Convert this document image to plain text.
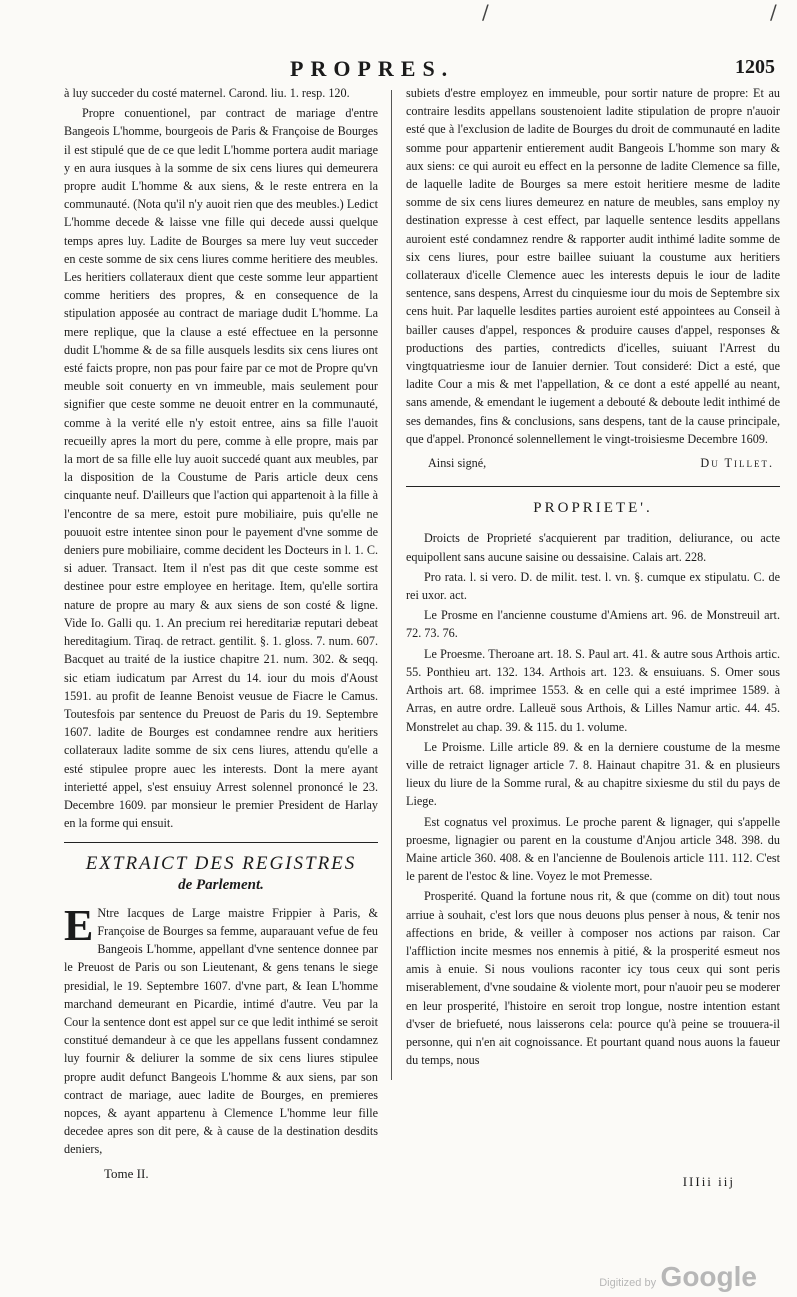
/	/
PROPRES.	1205

à luy succeder du costé maternel. Carond. liu. 1. resp. 120.

Propre conuentionel, par contract de mariage d'entre Bangeois L'homme, bourgeois de Paris & Françoise de Bourges il est stipulé que de ce que ledit L'homme portera audit mariage y en aura iusques à la somme de six cens liures qui demeurera propre audit L'homme & aux siens, & le reste entrera en la communauté. (Nota qu'il n'y auoit rien que des meubles.) Ledict L'homme decede & laisse vne fille qui decede aussi quelque temps apres luy. Ladite de Bourges sa mere luy veut succeder en ceste somme de six cens liures comme heritiere des meubles. Les heritiers collateraux dient que ceste somme leur appartient comme heritiers des propres, & en consequence de la stipulation apposée au contract de mariage dudit L'homme. La mere replique, que la clause a esté effectuee en la personne dudit L'homme & de sa fille ausquels lesdits six cens liures ont esté faicts propre, non pas pour faire par ce mot de Propre qu'vn meuble soit conuerty en vn immeuble, mais seulement pour signifier que ceste somme ne deuoit entrer en la communauté, comme à la verité elle n'y estoit entree, ains sa fille l'auoit recueilly apres la mort du pere, comme à elle propre, mais par la mort de sa fille elle luy auoit succedé quant aux meubles, par la disposition de la Coustume de Paris article deux cens cinquante neuf. D'ailleurs que l'action qui appartenoit à la fille à l'encontre de sa mere, estoit pure mobiliaire, puis qu'elle ne pouuoit estre intentee sinon pour le payement d'vne somme de deniers pure mobiliaire, comme decident les Docteurs in l. 1. C. si aduer. Transact. Item il n'est pas dit que ceste somme est destinee pour estre employee en heritage. Item, qu'elle sortira nature de propre au mary & aux siens de son costé & ligne. Vide Io. Galli qu. 1. An precium rei hereditariæ reputari debeat hereditagium. Tiraq. de retract. gentilit. §. 1. gloss. 7. num. 607. Bacquet au traité de la iustice chapitre 21. num. 302. & seqq. sic etiam iudicatum par Arrest du 14. iour du mois d'Aoust 1591. au profit de Ieanne Benoist veusue de Fiacre le Camus. Toutesfois par sentence du Preuost de Paris du 19. Septembre 1607. ladite de Bourges est condamnee rendre aux heritiers collateraux ladite somme de six cens liures, attendu qu'elle a esté stipulee propre auec les interests. Dont la mere ayant interietté appel, s'est ensuiuy Arrest solennel prononcé le 23. Decembre 1609. par monsieur le premier President de Harlay en la forme qui ensuit.

EXTRAICT DES REGISTRES
de Parlement.

E Ntre Iacques de Large maistre Frippier à Paris, & Françoise de Bourges sa femme, auparauant vefue de feu Bangeois L'homme, appellant d'vne sentence donnee par le Preuost de Paris ou son Lieutenant, & gens tenans le siege presidial, le 19. Septembre 1607. d'vne part, & Iean L'homme marchand demeurant en Picardie, intimé d'autre. Veu par la Cour la sentence dont est appel sur ce que ledit inthimé se seroit constitué demandeur à ce que les appellans fussent condamnez luy fournir & deliurer la somme de six cens liures stipulee propre audit defunct Bangeois L'homme & aux siens, par son contract de mariage, auec ladite de Bourges, en premieres nopces, & ayant appartenu à Clemence L'homme leur fille decedee apres son dit pere, & à cause de la destination desdits deniers,

Tome II.

subiets d'estre employez en immeuble, pour sortir nature de propre: Et au contraire lesdits appellans soustenoient ladite stipulation de propre n'auoir esté que à l'exclusion de ladite de Bourges du droit de communauté en ladite somme pour appartenir entierement audit Bangeois L'homme son mary & aux siens: ce qui auroit eu effect en la personne de ladite Clemence sa fille, de laquelle ladite de Bourges sa mere estoit heritiere mesme de ladite somme de six cens liures demeurez en nature de meubles, sans employ ny destination expresse à cest effect, par laquelle sentence lesdits appellans auroient esté condamnez rendre & rapporter audit inthimé ladite somme de six cens liures, pour estre baillee suiuant la coustume aux heritiers collateraux d'icelle Clemence auec les interests depuis le iour de ladite sentence, sans despens, Arrest du cinquiesme iour du mois de Septembre six cens huit. Par laquelle lesdites parties auroient esté appointees au Conseil à bailler causes d'appel, responces & produire causes d'appel, responses & productions des parties, contredicts d'icelles, suiuant l'Arrest du vingtquatriesme iour de Ianuier dernier. Tout consideré: Dict a esté, que ladite Cour a mis & met l'appellation, & ce dont a esté appellé au neant, sans amende, & emendant le iugement a debouté & deboute ledit inthimé de ses demandes, fins & conclusions, sans despens, tant de la cause principale, que d'appel. Prononcé solennellement le vingt-troisiesme Decembre 1609.

Ainsi signé,	Du Tillet.
PROPRIETE'.

Droicts de Proprieté s'acquierent par tradition, deliurance, ou acte equipollent sans aucune saisine ou dessaisine. Calais art. 228.

Pro rata. l. si vero. D. de milit. test. l. vn. §. cumque ex stipulatu. C. de rei uxor. act.

Le Prosme en l'ancienne coustume d'Amiens art. 96. de Monstreuil art. 72. 73. 76.

Le Proesme. Theroane art. 18. S. Paul art. 41. & autre sous Arthois artic. 55. Ponthieu art. 132. 134. Arthois art. 123. & ensuiuans. S. Omer sous Arthois art. 68. imprimee 1553. & en celle qui a esté imprimee 1589. à Arras, en autre ordre. Lalleuë sous Arthois, & Lilles Namur artic. 44. 45. Monstrelet au chap. 39. & 115. du 1. volume.

Le Proisme. Lille article 89. & en la derniere coustume de la mesme ville de retraict lignager article 7. 8. Hainaut chapitre 31. & en plusieurs lieux du liure de la Somme rural, & au chapitre sixiesme du stil du pays de Liege.

Est cognatus vel proximus. Le proche parent & lignager, qui s'appelle proesme, lignagier ou parent en la coustume d'Anjou article 348. 398. du Maine article 360. 408. & en l'ancienne de Boulenois article 111. 112. C'est le parent de l'estoc & line. Voyez le mot Premesse.

Prosperité. Quand la fortune nous rit, & que (comme on dit) tout nous arriue à souhait, c'est lors que nous deuons plus penser à nous, & tenir nos affections en bride, & veiller à composer nos actions par raison. Car l'affliction incite mesmes nos ennemis à pitié, & la prosperité esmeut nos amis à enuie. Si nous voulions raconter icy tous ceux qui sont peris miserablement, d'vne soudaine & violente mort, pour n'auoir peu se moderer en leur prosperité, l'histoire en seroit trop longue, nostre intention estant d'vser de briefueté, nous laisserons cela: pource qu'à peine se trouuera-il personne, qui n'en ait cognoissance. Et pourtant quand nous auons la faueur du temps, nous

IIIii iij
Digitized by Google
